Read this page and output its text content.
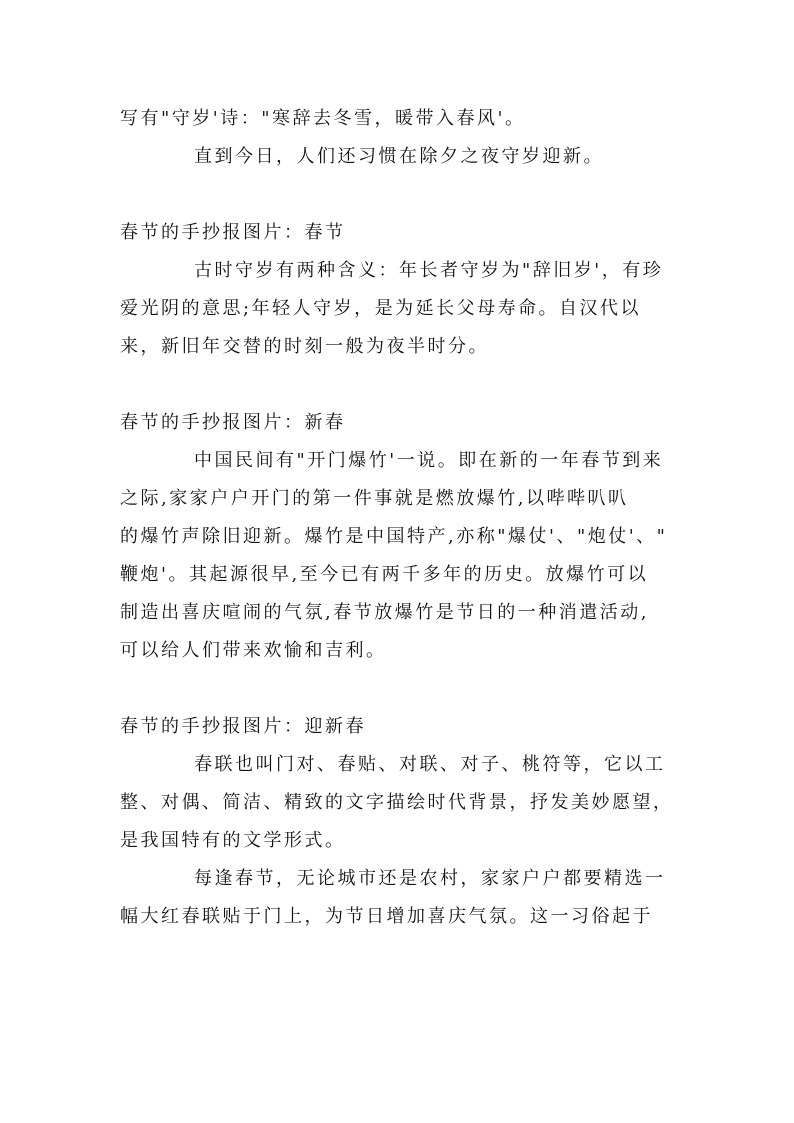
写有"守岁'诗："寒辞去冬雪，暖带入春风'。

直到今日，人们还习惯在除夕之夜守岁迎新。

春节的手抄报图片：春节

古时守岁有两种含义：年长者守岁为"辞旧岁'，有珍
爱光阴的意思;年轻人守岁，是为延长父母寿命。自汉代以
来，新旧年交替的时刻一般为夜半时分。

春节的手抄报图片：新春

中国民间有"开门爆竹'一说。即在新的一年春节到来
之际,家家户户开门的第一件事就是燃放爆竹,以哔哔叭叭
的爆竹声除旧迎新。爆竹是中国特产,亦称"爆仗'、"炮仗'、"
鞭炮'。其起源很早,至今已有两千多年的历史。放爆竹可以
制造出喜庆喧闹的气氛,春节放爆竹是节日的一种消遣活动,
可以给人们带来欢愉和吉利。

春节的手抄报图片：迎新春

春联也叫门对、春贴、对联、对子、桃符等，它以工
整、对偶、简洁、精致的文字描绘时代背景，抒发美妙愿望，
是我国特有的文学形式。

每逢春节，无论城市还是农村，家家户户都要精选一
幅大红春联贴于门上，为节日增加喜庆气氛。这一习俗起于
